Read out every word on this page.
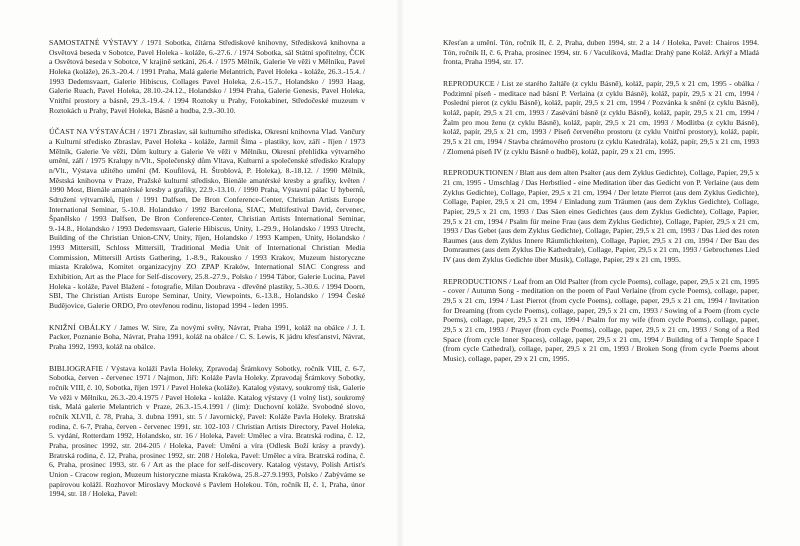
SAMOSTATNÉ VÝSTAVY / 1971 Sobotka, čítárna Střediskové knihovny, Středisková knihovna a Osvětová beseda v Sobotce, Pavel Holeka - koláže, 6.-27.6. / 1974 Sobotka, sál Státní spořitelny, ČCK a Osvětová beseda v Sobotce, V krajině setkání, 26.4. / 1975 Mělník, Galerie Ve věži v Mělníku, Pavel Holeka (koláže), 26.3.-20.4. / 1991 Praha, Malá galerie Melantrich, Pavel Holeka - koláže, 26.3.-15.4. / 1993 Dedemsvaart, Galerie Hibiscus, Collages Pavel Holeka, 2.6.-15.7., Holandsko / 1993 Haag, Galerie Ruach, Pavel Holeka, 28.10.-24.12., Holandsko / 1994 Praha, Galerie Genesis, Pavel Holeka, Vnitřní prostory a básně, 29.3.-19.4. / 1994 Roztoky u Prahy, Fotokabinet, Středočeské muzeum v Roztokách u Prahy, Pavel Holeka, Básně a hudba, 2.9.-30.10.

ÚČAST NA VÝSTAVÁCH / 1971 Zbraslav, sál kulturního střediska, Okresní knihovna Vlad. Vančury a Kulturní středisko Zbraslav, Pavel Holeka - koláže, Jarmil Šíma - plastiky, kov, září - říjen / 1973 Mělník, Galerie Ve věži, Dům kultury a Galerie Ve věži v Mělníku, Okresní přehlídka výtvarného umění, září / 1975 Kralupy n/Vlt., Společenský dům Vltava, Kulturní a společenské středisko Kralupy n/Vlt., Výstava užitého umění (M. Koufilová, H. Štroblová, P. Holeka), 8.-18.12. / 1990 Mělník, Městská knihovna v Praze, Pražské kulturní středisko, Bienále amatérské kresby a grafiky, květen / 1990 Most, Bienále amatérské kresby a grafiky, 22.9.-13.10. / 1990 Praha, Výstavní pálac U hybernů, Sdružení výtvarníků, říjen / 1991 Dalfsen, De Bron Conference-Center, Christian Artists Europe International Seminar, 5.-10.8. Holandsko / 1992 Barcelona, SIAC, Multifestival David, červenec, Španělsko / 1993 Dalfsen, De Bron Conference-Center, Christian Artists International Seminar, 9.-14.8., Holandsko / 1993 Dedemsvaart, Galerie Hibiscus, Unity, 1.-29.9., Holandsko / 1993 Utrecht, Building of the Christian Union-CNV, Unity, říjen, Holandsko / 1993 Kampen, Unity, Holandsko / 1993 Mittersill, Schloss Mittersill, Traditional Media Unit of International Christian Media Commission, Mittersill Artists Gathering, 1.-8.9., Rakousko / 1993 Krakov, Muzeum historyczne miasta Krakówa, Komitet organizacyjny ZO ZPAP Kraków, International SIAC Congress and Exhibition, Art as the Place for Self-discovery, 25.8.-27.9., Polsko / 1994 Tábor, Galerie Lucina, Pavel Holeka - koláže, Pavel Blažení - fotografie, Milan Doubrava - dřevěné plastiky, 5.-30.6. / 1994 Doorn, SBI, The Christian Artists Europe Seminar, Unity, Viewpoints, 6.-13.8., Holandsko / 1994 České Budějovice, Galerie ORDO, Pro otevřenou rodinu, listopad 1994 - leden 1995.

KNIŽNÍ OBÁLKY / James W. Sire, Za novými světy, Návrat, Praha 1991, koláž na obálce / J. I. Packer, Poznanie Boha, Návrat, Praha 1991, koláž na obálce / C. S. Lewis, K jádru křesťanství, Návrat, Praha 1992, 1993, koláž na obálce.

BIBLIOGRAFIE / Výstava koláží Pavla Holeky, Zpravodaj Šrámkovy Sobotky, ročník VIII, č. 6-7, Sobotka, červen - červenec 1971 / Najmon, Jiří: Koláže Pavla Holeky. Zpravodaj Šrámkovy Sobotky, ročník VIII, č. 10, Sobotka, říjen 1971 / Pavel Holeka (koláže). Katalog výstavy, soukromý tisk, Galerie Ve věži v Mělníku, 26.3.-20.4.1975 / Pavel Holeka - koláže. Katalog výstavy (1 volný list), soukromý tisk, Malá galerie Melantrich v Praze, 26.3.-15.4.1991 / (lim): Duchovní koláže. Svobodné slovo, ročník XLVII, č. 78, Praha, 3. dubna 1991, str. 5 / Javornický, Pavel: Koláže Pavla Holeky. Bratrská rodina, č. 6-7, Praha, červen - červenec 1991, str. 102-103 / Christian Artists Directory, Pavel Holeka, 5. vydání, Rotterdam 1992, Holandsko, str. 16 / Holeka, Pavel: Umělec a víra. Bratrská rodina, č. 12, Praha, prosinec 1992, str. 204-205 / Holeka, Pavel: Umění a víra (Odlesk Boží krásy a pravdy). Bratrská rodina, č. 12, Praha, prosinec 1992, str. 208 / Holeka, Pavel: Umělec a víra. Bratrská rodina, č. 6, Praha, prosinec 1993, str. 6 / Art as the place for self-discovery. Katalog výstavy, Polish Artist's Union - Cracow region, Muzeum historyczne miasta Krakówa, 25.8.-27.9.1993, Polsko / Zabýváme se papírovou koláží. Rozhovor Miroslavy Mockové s Pavlem Holekou. Tón, ročník II, č. 1, Praha, únor 1994, str. 18 / Holeka, Pavel:

Křesťan a umění. Tón, ročník II, č. 2, Praha, duben 1994, str. 2 a 14 / Holeka, Pavel: Chairos 1994. Tón, ročník II, č. 6, Praha, prosinec 1994, str. 6 / Vaculíková, Madla: Drahý pane Koláž. Arkýř a Mladá fronta, Praha 1994, str. 17.

REPRODUKCE / List ze starého žaltáře (z cyklu Básně), koláž, papír, 29,5 x 21 cm, 1995 - obálka / Podzimní píseň - meditace nad básní P. Verlaina (z cyklu Básně), koláž, papír, 29,5 x 21 cm, 1994 / Poslední pierot (z cyklu Básně), koláž, papír, 29,5 x 21 cm, 1994 / Pozvánka k snění (z cyklu Básně), koláž, papír, 29,5 x 21 cm, 1993 / Zasévání básně (z cyklu Básně), koláž, papír, 29,5 x 21 cm, 1994 / Žalm pro mou ženu (z cyklu Básně), koláž, papír, 29,5 x 21 cm, 1993 / Modlitba (z cyklu Básně), koláž, papír, 29,5 x 21 cm, 1993 / Píseň červeného prostoru (z cyklu Vnitřní prostory), koláž, papír, 29,5 x 21 cm, 1994 / Stavba chrámového prostoru (z cyklu Katedrála), koláž, papír, 29,5 x 21 cm, 1993 / Zlomená píseň IV (z cyklu Básně o hudbě), koláž, papír, 29 x 21 cm, 1995.

REPRODUKTIONEN / Blatt aus dem alten Psalter (aus dem Zyklus Gedichte), Collage, Papier, 29,5 x 21 cm, 1995 - Umschlag / Das Herbstlied - eine Meditation über das Gedicht von P. Verlaine (aus dem Zyklus Gedichte), Collage, Papier, 29,5 x 21 cm, 1994 / Der letzte Pierrot (aus dem Zyklus Gedichte), Collage, Papier, 29,5 x 21 cm, 1994 / Einladung zum Träumen (aus dem Zyklus Gedichte), Collage, Papier, 29,5 x 21 cm, 1993 / Das Säen eines Gedichtes (aus dem Zyklus Gedichte), Collage, Papier, 29,5 x 21 cm, 1994 / Psalm für meine Frau (aus dem Zyklus Gedichte), Collage, Papier, 29,5 x 21 cm, 1993 / Das Gebet (aus dem Zyklus Gedichte), Collage, Papier, 29,5 x 21 cm, 1993 / Das Lied des roten Raumes (aus dem Zyklus Innere Räumlichkeiten), Collage, Papier, 29,5 x 21 cm, 1994 / Der Bau des Domraumes (aus dem Zyklus Die Kathedrale), Collage, Papier, 29,5 x 21 cm, 1993 / Gebrochenes Lied IV (aus dem Zyklus Gedichte über Musik), Collage, Papier, 29 x 21 cm, 1995.

REPRODUCTIONS / Leaf from an Old Psalter (from cycle Poems), collage, paper, 29,5 x 21 cm, 1995 - cover / Autumn Song - meditation on the poem of Paul Verlaine (from cycle Poems), collage, paper, 29,5 x 21 cm, 1994 / Last Pierrot (from cycle Poems), collage, paper, 29,5 x 21 cm, 1994 / Invitation for Dreaming (from cycle Poems), collage, paper, 29,5 x 21 cm, 1993 / Sowing of a Poem (from cycle Poems), collage, paper, 29,5 x 21 cm, 1994 / Psalm for my wife (from cycle Poems), collage, paper, 29,5 x 21 cm, 1993 / Prayer (from cycle Poems), collage, paper, 29,5 x 21 cm, 1993 / Song of a Red Space (from cycle Inner Spaces), collage, paper, 29,5 x 21 cm, 1994 / Building of a Temple Space I (from cycle Cathedral), collage, paper, 29,5 x 21 cm, 1993 / Broken Song (from cycle Poems about Music), collage, paper, 29 x 21 cm, 1995.
